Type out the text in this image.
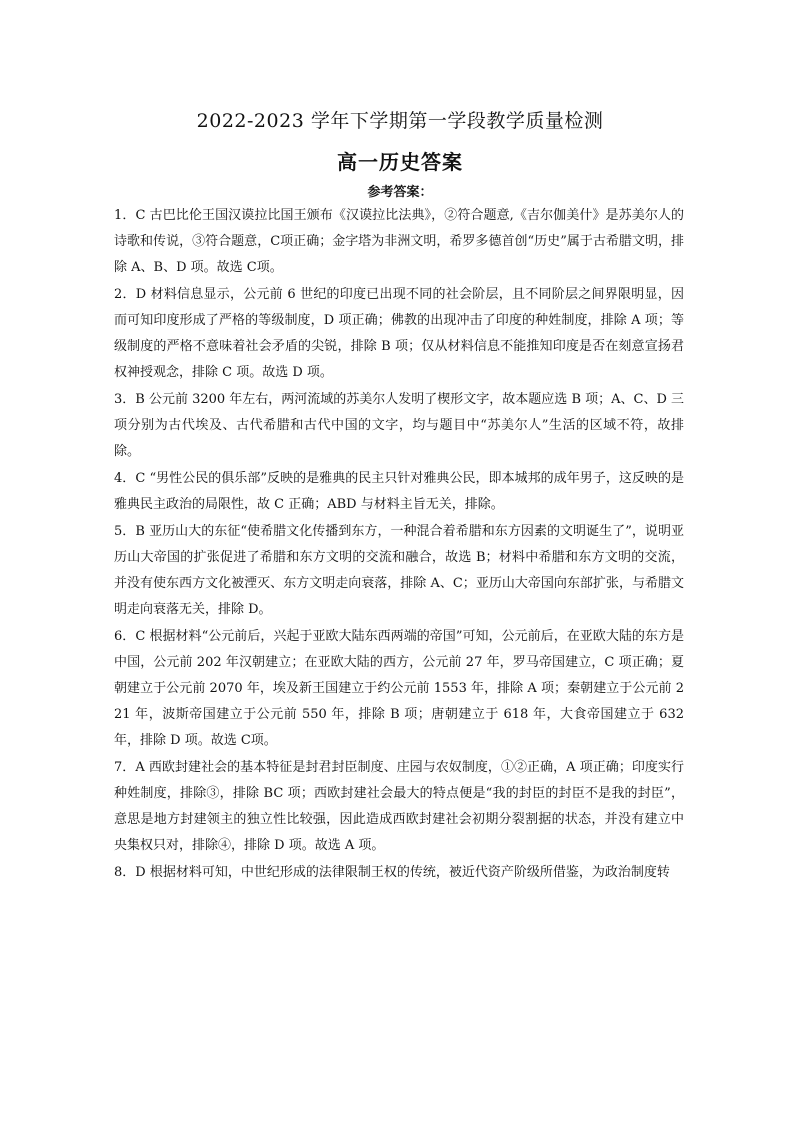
2022-2023 学年下学期第一学段教学质量检测
高一历史答案
参考答案：

1．C 古巴比伦王国汉谟拉比国王颁布《汉谟拉比法典》，②符合题意,《吉尔伽美什》是苏美尔人的诗歌和传说，③符合题意，C项正确；金字塔为非洲文明，希罗多德首创“历史”属于古希腊文明，排除 A、B、D 项。故选 C项。

2．D 材料信息显示，公元前 6 世纪的印度已出现不同的社会阶层，且不同阶层之间界限明显，因而可知印度形成了严格的等级制度，D 项正确；佛教的出现冲击了印度的种姓制度，排除 A 项；等级制度的严格不意味着社会矛盾的尖锐，排除 B 项；仅从材料信息不能推知印度是否在刻意宣扬君权神授观念，排除 C 项。故选 D 项。

3．B 公元前 3200 年左右，两河流域的苏美尔人发明了楔形文字，故本题应选 B 项；A、C、D 三项分别为古代埃及、古代希腊和古代中国的文字，均与题目中“苏美尔人”生活的区域不符，故排除。

4．C “男性公民的俱乐部”反映的是雅典的民主只针对雅典公民，即本城邦的成年男子，这反映的是雅典民主政治的局限性，故 C 正确；ABD 与材料主旨无关，排除。

5．B 亚历山大的东征“使希腊文化传播到东方，一种混合着希腊和东方因素的文明诞生了”，说明亚历山大帝国的扩张促进了希腊和东方文明的交流和融合，故选 B；材料中希腊和东方文明的交流，并没有使东西方文化被湮灭、东方文明走向衰落，排除 A、C；亚历山大帝国向东部扩张，与希腊文明走向衰落无关，排除 D。

6．C 根据材料“公元前后，兴起于亚欧大陆东西两端的帝国”可知，公元前后，在亚欧大陆的东方是中国，公元前 202 年汉朝建立；在亚欧大陆的西方，公元前 27 年，罗马帝国建立，C 项正确；夏朝建立于公元前 2070 年，埃及新王国建立于约公元前 1553 年，排除 A 项；秦朝建立于公元前 221 年，波斯帝国建立于公元前 550 年，排除 B 项；唐朝建立于 618 年，大食帝国建立于 632 年，排除 D 项。故选 C项。

7．A 西欧封建社会的基本特征是封君封臣制度、庄园与农奴制度，①②正确，A 项正确；印度实行种姓制度，排除③，排除 BC 项；西欧封建社会最大的特点便是“我的封臣的封臣不是我的封臣”，意思是地方封建领主的独立性比较强，因此造成西欧封建社会初期分裂割据的状态，并没有建立中央集权只对，排除④，排除 D 项。故选 A 项。

8．D 根据材料可知，中世纪形成的法律限制王权的传统，被近代资产阶级所借鉴，为政治制度转
